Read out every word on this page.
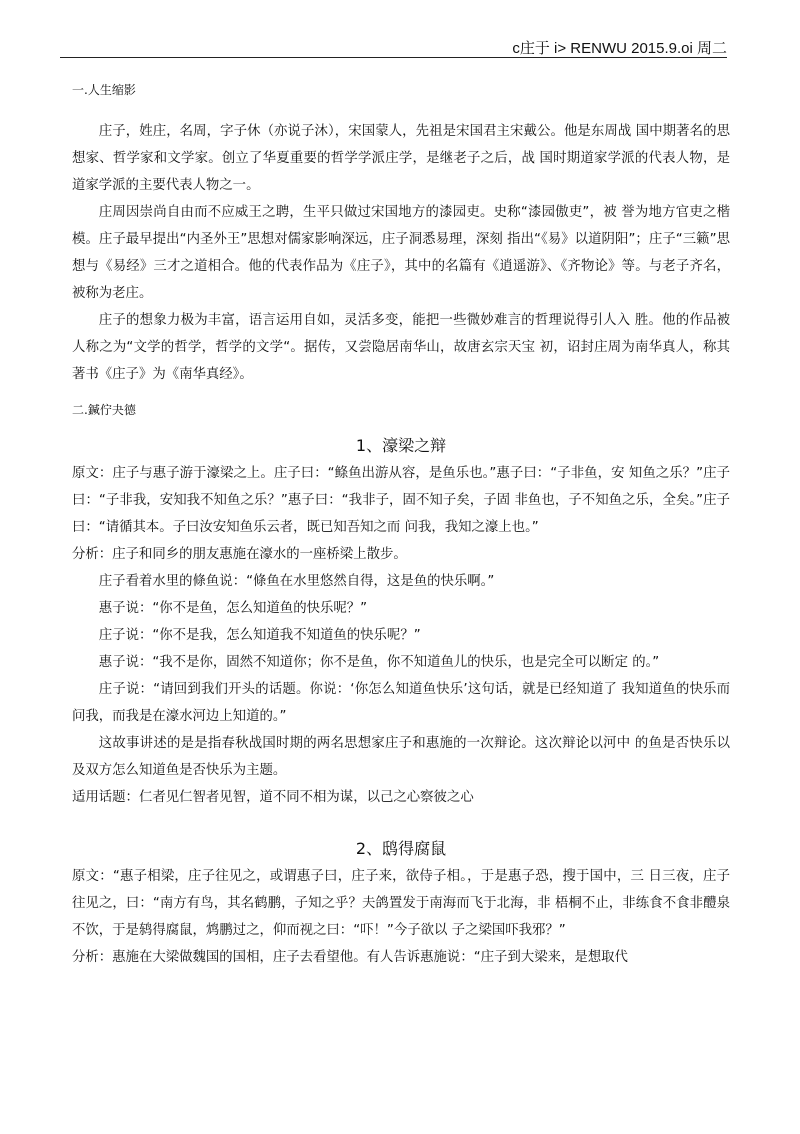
c庄于 i> RENWU 2015.9.oi 周二
一.人生缩影

庄子，姓庄，名周，字子休（亦说子沐），宋国蒙人，先祖是宋国君主宋戴公。他是东周战 国中期著名的思想家、哲学家和文学家。创立了华夏重要的哲学学派庄学，是继老子之后，战 国时期道家学派的代表人物，是道家学派的主要代表人物之一。

庄周因崇尚自由而不应威王之聘，生平只做过宋国地方的漆园吏。史称“漆园傲吏”，被 誉为地方官吏之楷模。庄子最早提出“内圣外王”思想对儒家影响深远，庄子洞悉易理，深刻 指出“《易》以道阴阳”；庄子“三籁”思想与《易经》三才之道相合。他的代表作品为《庄子》，其中的名篇有《逍遥游》、《齐物论》等。与老子齐名，被称为老庄。

庄子的想象力极为丰富，语言运用自如，灵活多变，能把一些微妙难言的哲理说得引人入 胜。他的作品被人称之为“文学的哲学，哲学的文学“。据传，又尝隐居南华山，故唐玄宗天宝 初，诏封庄周为南华真人，称其著书《庄子》为《南华真经》。

二.鍼佇夬德
1、濠梁之辩

原文：庄子与惠子游于濠梁之上。庄子曰：“鲦鱼出游从容，是鱼乐也。”惠子曰：“子非鱼，安 知鱼之乐？”庄子曰：“子非我，安知我不知鱼之乐？”惠子曰：“我非子，固不知子矣，子固 非鱼也，子不知鱼之乐，全矣。”庄子曰：“请循其本。子曰汝安知鱼乐云者，既已知吾知之而 问我，我知之濠上也。”

分析：庄子和同乡的朋友惠施在濠水的一座桥梁上散步。

庄子看着水里的條鱼说：“條鱼在水里悠然自得，这是鱼的快乐啊。”

惠子说：“你不是鱼，怎么知道鱼的快乐呢？”

庄子说：“你不是我，怎么知道我不知道鱼的快乐呢？”

惠子说：“我不是你，固然不知道你；你不是鱼，你不知道鱼儿的快乐，也是完全可以断定 的。”

庄子说：“请回到我们开头的话题。你说：‘你怎么知道鱼快乐’这句话，就是已经知道了 我知道鱼的快乐而问我，而我是在濠水河边上知道的。”

这故事讲述的是是指春秋战国时期的两名思想家庄子和惠施的一次辩论。这次辩论以河中 的鱼是否快乐以及双方怎么知道鱼是否快乐为主题。

适用话题：仁者见仁智者见智，道不同不相为谋，以己之心察彼之心

2、鸱得腐鼠

原文：“惠子相梁，庄子往见之，或谓惠子曰，庄子来，欲侍子相。，于是惠子恐，搜于国中，三 日三夜，庄子往见之，曰：“南方有鸟，其名鹤鹏，子知之乎？夫鸽置发于南海而飞于北海，非 梧桐不止，非练食不食非醴泉不饮，于是鸫得腐鼠，鸩鹏过之，仰而视之曰：“吓！”今子欲以 子之梁国吓我邪？”

分析：惠施在大梁做魏国的国相，庄子去看望他。有人告诉惠施说：“庄子到大梁来，是想取代
